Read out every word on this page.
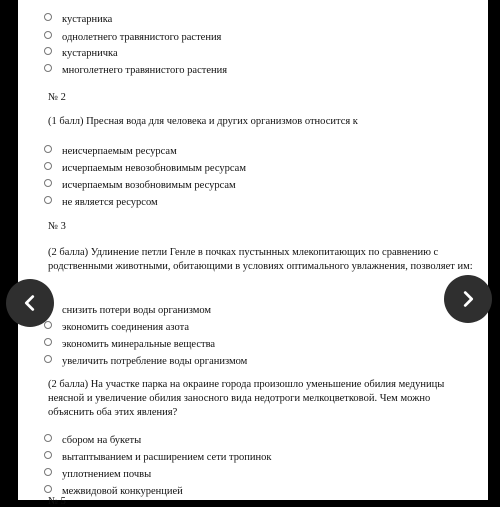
кустарника
однолетнего травянистого растения
кустарничка
многолетнего травянистого растения
№ 2
(1 балл) Пресная вода для человека и других организмов относится к
неисчерпаемым ресурсам
исчерпаемым невозобновимым ресурсам
исчерпаемым возобновимым ресурсам
не является ресурсом
№ 3
(2 балла) Удлинение петли Генле в почках пустынных млекопитающих по сравнению с родственными животными, обитающими в условиях оптимального увлажнения, позволяет им:
снизить потери воды организмом
экономить соединения азота
экономить минеральные вещества
увеличить потребление воды организмом
(2 балла) На участке парка на окраине города произошло уменьшение обилия медуницы неясной и увеличение обилия заносного вида недотроги мелкоцветковой. Чем можно объяснить оба этих явления?
сбором на букеты
вытаптыванием и расширением сети тропинок
уплотнением почвы
межвидовой конкуренцией
№ 5
